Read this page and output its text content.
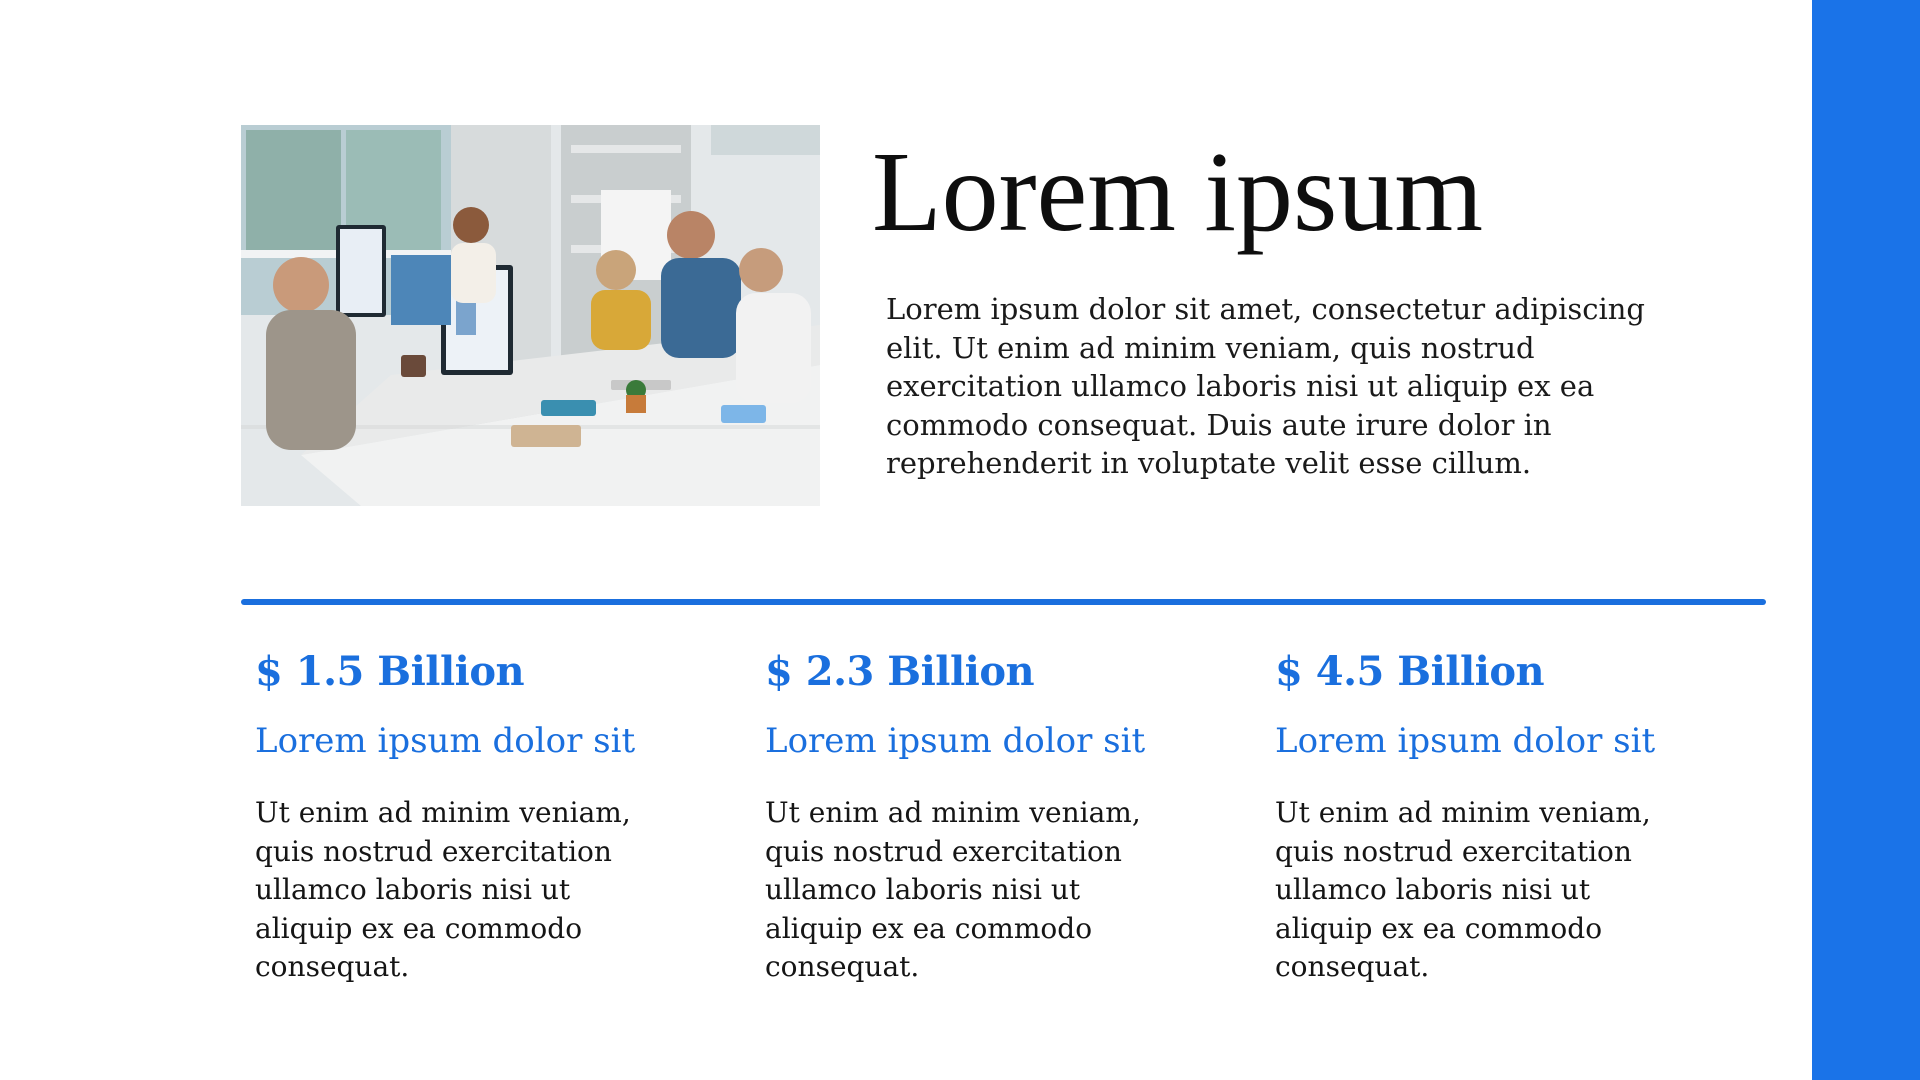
Lorem ipsum
Lorem ipsum dolor sit amet, consectetur adipiscing elit. Ut enim ad minim veniam, quis nostrud exercitation ullamco laboris nisi ut aliquip ex ea commodo consequat. Duis aute irure dolor in reprehenderit in voluptate velit esse cillum.
$ 1.5 Billion
Lorem ipsum dolor sit
Ut enim ad minim veniam, quis nostrud exercitation ullamco laboris nisi ut aliquip ex ea commodo consequat.
$ 2.3 Billion
Lorem ipsum dolor sit
Ut enim ad minim veniam, quis nostrud exercitation ullamco laboris nisi ut aliquip ex ea commodo consequat.
$ 4.5 Billion
Lorem ipsum dolor sit
Ut enim ad minim veniam, quis nostrud exercitation ullamco laboris nisi ut aliquip ex ea commodo consequat.
